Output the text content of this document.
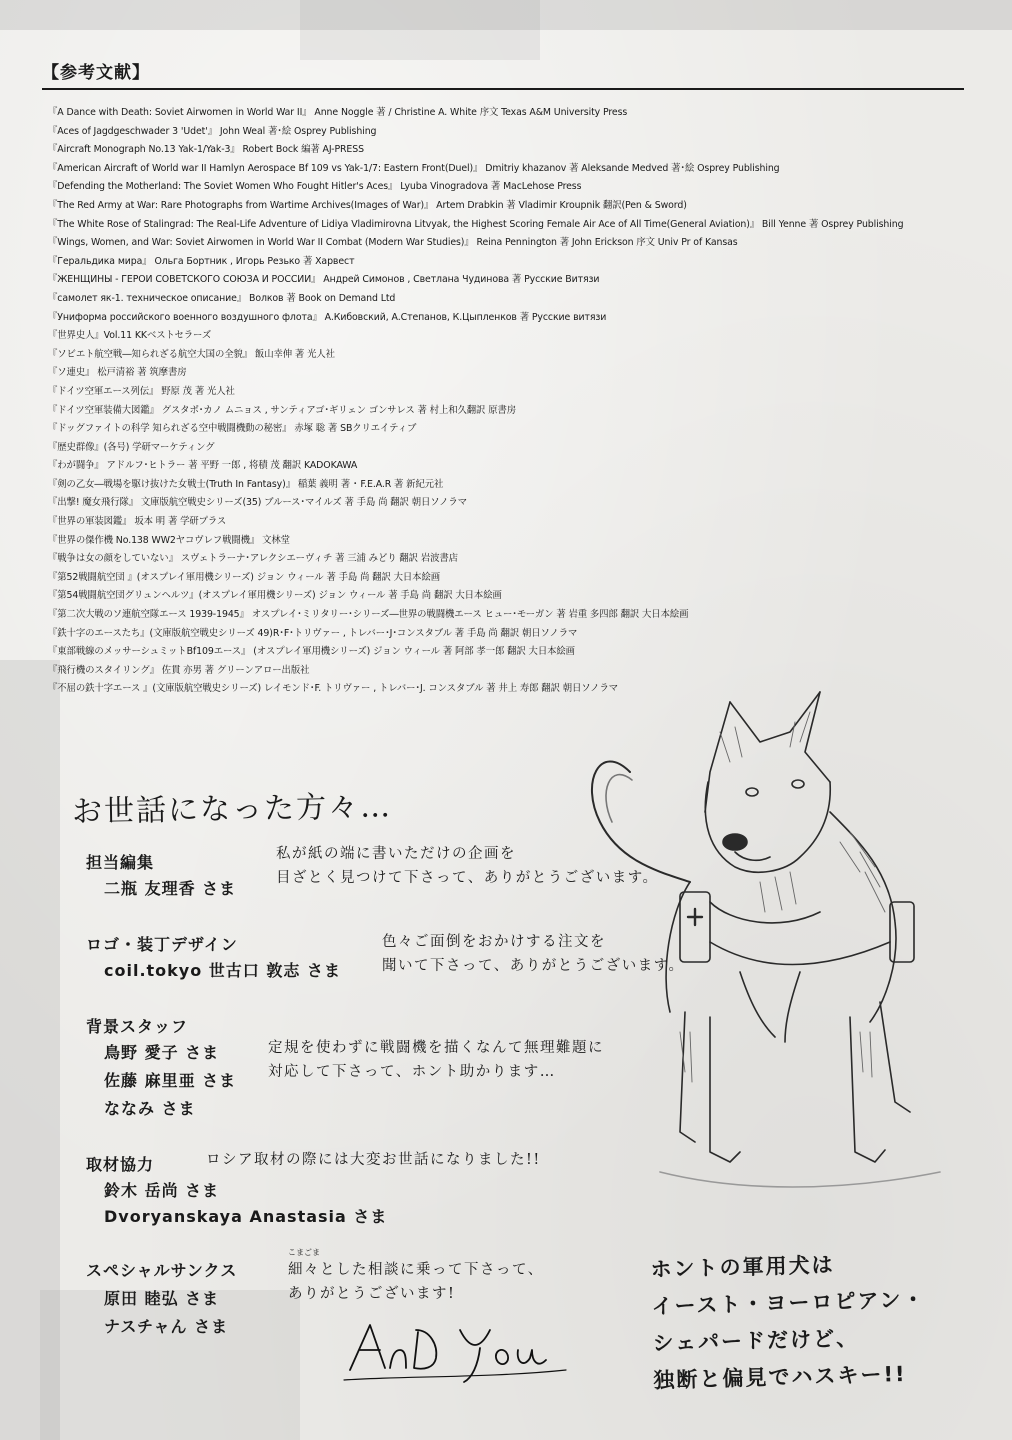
【参考文献】
『A Dance with Death: Soviet Airwomen in World War II』 Anne Noggle 著 / Christine A. White 序文 Texas A&M University Press
『Aces of Jagdgeschwader 3 'Udet'』 John Weal 著･絵 Osprey Publishing
『Aircraft Monograph No.13 Yak-1/Yak-3』 Robert Bock 編著 AJ-PRESS
『American Aircraft of World war II Hamlyn Aerospace Bf 109 vs Yak-1/7: Eastern Front(Duel)』 Dmitriy khazanov 著 Aleksande Medved 著･絵 Osprey Publishing
『Defending the Motherland: The Soviet Women Who Fought Hitler's Aces』 Lyuba Vinogradova 著 MacLehose Press
『The Red Army at War: Rare Photographs from Wartime Archives(Images of War)』 Artem Drabkin 著 Vladimir Kroupnik 翻訳(Pen & Sword)
『The White Rose of Stalingrad: The Real-Life Adventure of Lidiya Vladimirovna Litvyak, the Highest Scoring Female Air Ace of All Time(General Aviation)』 Bill Yenne 著 Osprey Publishing
『Wings, Women, and War: Soviet Airwomen in World War II Combat (Modern War Studies)』 Reina Pennington 著 John Erickson 序文 Univ Pr of Kansas
『Геральдика мира』 Ольга Бортник , Игорь Резько 著 Харвест
『ЖЕНЩИНЫ - ГЕРОИ СОВЕТСКОГО СОЮЗА И РОССИИ』 Андрей Симонов , Светлана Чудинова 著 Русские Витязи
『самолет як-1. техническое описание』 Волков 著 Book on Demand Ltd
『Униформа российского военного воздушного флота』 А.Кибовский, А.Степанов, К.Цыпленков 著 Русские витязи
『世界史人』Vol.11 KKベストセラーズ
『ソビエト航空戦―知られざる航空大国の全貌』 飯山幸伸 著 光人社
『ソ連史』 松戸清裕 著 筑摩書房
『ドイツ空軍エース列伝』 野原 茂 著 光人社
『ドイツ空軍装備大図鑑』 グスタボ･カノ ムニョス , サンティアゴ･ギリェン ゴンサレス 著 村上和久翻訳 原書房
『ドッグファイトの科学 知られざる空中戦闘機動の秘密』 赤塚 聡 著 SBクリエイティブ
『歴史群像』(各号) 学研マーケティング
『わが闘争』 アドルフ･ヒトラー 著 平野 一郎 , 将積 茂 翻訳 KADOKAWA
『剣の乙女―戦場を駆け抜けた女戦士(Truth In Fantasy)』 稲葉 義明 著 ･ F.E.A.R 著 新紀元社
『出撃! 魔女飛行隊』 文庫版航空戦史シリーズ(35) ブルース･マイルズ 著 手島 尚 翻訳 朝日ソノラマ
『世界の軍装図鑑』 坂本 明 著 学研プラス
『世界の傑作機 No.138 WW2ヤコヴレフ戦闘機』 文林堂
『戦争は女の顔をしていない』 スヴェトラーナ･アレクシエーヴィチ 著 三浦 みどり 翻訳 岩波書店
『第52戦闘航空団 』(オスプレイ軍用機シリーズ) ジョン ウィール 著 手島 尚 翻訳 大日本絵画
『第54戦闘航空団グリュンヘルツ』(オスプレイ軍用機シリーズ) ジョン ウィール 著 手島 尚 翻訳 大日本絵画
『第二次大戦のソ連航空隊エース 1939-1945』 オスプレイ･ミリタリー･シリーズ―世界の戦闘機エース ヒュー･モーガン 著 岩重 多四郎 翻訳 大日本絵画
『鉄十字のエースたち』(文庫版航空戦史シリーズ 49)R･F･トリヴァー , トレバー･J･コンスタブル 著 手島 尚 翻訳 朝日ソノラマ
『東部戦線のメッサーシュミットBf109エース』 (オスプレイ軍用機シリーズ) ジョン ウィール 著 阿部 孝一郎 翻訳 大日本絵画
『飛行機のスタイリング』 佐貫 亦男 著 グリーンアロー出版社
『不屈の鉄十字エース 』(文庫版航空戦史シリーズ) レイモンド･F. トリヴァー , トレバー･J. コンスタブル 著 井上 寿郎 翻訳 朝日ソノラマ
お世話になった方々…
担当編集
二瓶 友理香 さま
私が紙の端に書いただけの企画を
目ざとく見つけて下さって、ありがとうございます。
ロゴ・装丁デザイン
coil.tokyo 世古口 敦志 さま
色々ご面倒をおかけする注文を
聞いて下さって、ありがとうございます。
背景スタッフ
鳥野 愛子 さま
佐藤 麻里亜 さま
ななみ さま
定規を使わずに戦闘機を描くなんて無理難題に
対応して下さって、ホント助かります…
取材協力	ロシア取材の際には大変お世話になりました!!
鈴木 岳尚 さま
Dvoryanskaya Anastasia さま
スペシャルサンクス
こまごま
細々とした相談に乗って下さって、
ありがとうございます!
原田 睦弘 さま
ナスチャん さま
ホントの軍用犬は
イースト・ヨーロピアン・
シェパードだけど、
独断と偏見でハスキー!!
